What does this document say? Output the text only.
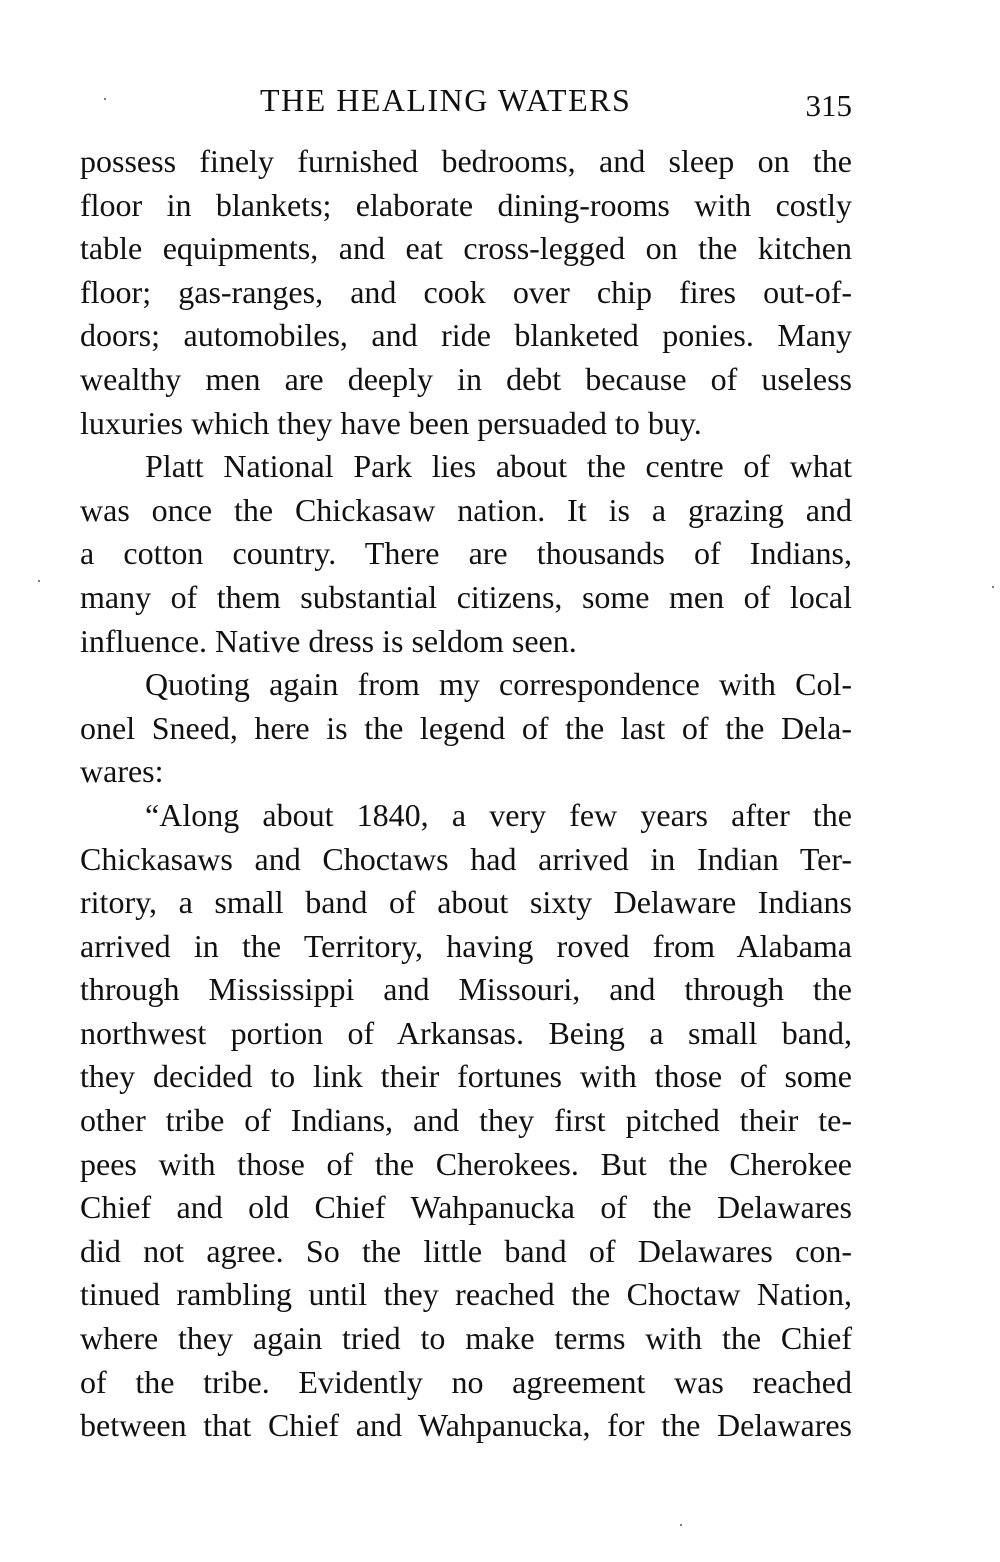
THE HEALING WATERS	315
possess finely furnished bedrooms, and sleep on the
floor in blankets; elaborate dining-rooms with costly
table equipments, and eat cross-legged on the kitchen
floor; gas-ranges, and cook over chip fires out-of-
doors; automobiles, and ride blanketed ponies. Many
wealthy men are deeply in debt because of useless
luxuries which they have been persuaded to buy.
Platt National Park lies about the centre of what
was once the Chickasaw nation. It is a grazing and
a cotton country. There are thousands of Indians,
many of them substantial citizens, some men of local
influence. Native dress is seldom seen.
Quoting again from my correspondence with Col-
onel Sneed, here is the legend of the last of the Dela-
wares:
“Along about 1840, a very few years after the
Chickasaws and Choctaws had arrived in Indian Ter-
ritory, a small band of about sixty Delaware Indians
arrived in the Territory, having roved from Alabama
through Mississippi and Missouri, and through the
northwest portion of Arkansas. Being a small band,
they decided to link their fortunes with those of some
other tribe of Indians, and they first pitched their te-
pees with those of the Cherokees. But the Cherokee
Chief and old Chief Wahpanucka of the Delawares
did not agree. So the little band of Delawares con-
tinued rambling until they reached the Choctaw Nation,
where they again tried to make terms with the Chief
of the tribe. Evidently no agreement was reached
between that Chief and Wahpanucka, for the Delawares
